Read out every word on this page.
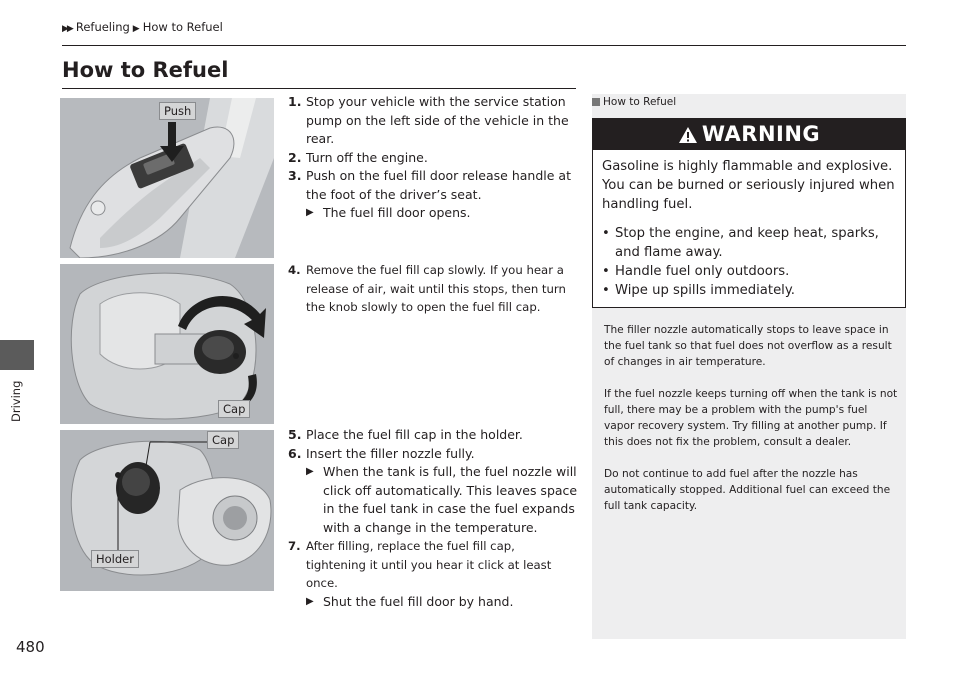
▶▶ Refueling ▶ How to Refuel
Driving
How to Refuel
Push
Cap
Cap
Holder
1. Stop your vehicle with the service station pump on the left side of the vehicle in the rear.
2. Turn off the engine.
3. Push on the fuel fill door release handle at the foot of the driver’s seat.
▶ The fuel fill door opens.
4. Remove the fuel fill cap slowly. If you hear a release of air, wait until this stops, then turn the knob slowly to open the fuel fill cap.
5. Place the fuel fill cap in the holder.
6. Insert the filler nozzle fully.
▶ When the tank is full, the fuel nozzle will click off automatically. This leaves space in the fuel tank in case the fuel expands with a change in the temperature.
7. After filling, replace the fuel fill cap, tightening it until you hear it click at least once.
▶ Shut the fuel fill door by hand.
How to Refuel
WARNING

Gasoline is highly flammable and explosive. You can be burned or seriously injured when handling fuel.

• Stop the engine, and keep heat, sparks, and flame away.
• Handle fuel only outdoors.
• Wipe up spills immediately.
The filler nozzle automatically stops to leave space in the fuel tank so that fuel does not overflow as a result of changes in air temperature.
If the fuel nozzle keeps turning off when the tank is not full, there may be a problem with the pump's fuel vapor recovery system. Try filling at another pump. If this does not fix the problem, consult a dealer.
Do not continue to add fuel after the nozzle has automatically stopped. Additional fuel can exceed the full tank capacity.
480
